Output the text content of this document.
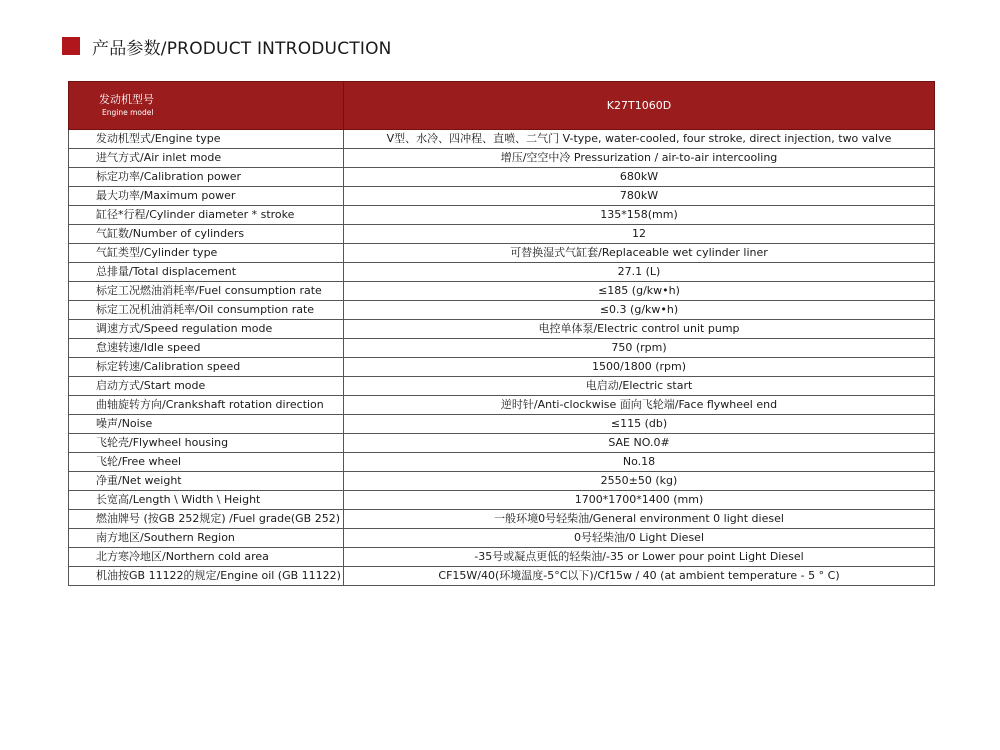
产品参数/PRODUCT INTRODUCTION
发动机型号
Engine model	K27T1060D
发动机型式/Engine type	V型、水冷、四冲程、直喷、二气门 V-type, water-cooled, four stroke, direct injection, two valve
进气方式/Air inlet mode	增压/空空中冷 Pressurization / air-to-air intercooling
标定功率/Calibration power	680kW
最大功率/Maximum power	780kW
缸径*行程/Cylinder diameter * stroke	135*158(mm)
气缸数/Number of cylinders	12
气缸类型/Cylinder type	可替换湿式气缸套/Replaceable wet cylinder liner
总排量/Total displacement	27.1 (L)
标定工况燃油消耗率/Fuel consumption rate	≤185 (g/kw•h)
标定工况机油消耗率/Oil consumption rate	≤0.3 (g/kw•h)
调速方式/Speed regulation mode	电控单体泵/Electric control unit pump
怠速转速/Idle speed	750 (rpm)
标定转速/Calibration speed	1500/1800 (rpm)
启动方式/Start mode	电启动/Electric start
曲轴旋转方向/Crankshaft rotation direction	逆时针/Anti-clockwise 面向飞轮端/Face flywheel end
噪声/Noise	≤115 (db)
飞轮壳/Flywheel housing	SAE NO.0#
飞轮/Free wheel	No.18
净重/Net weight	2550±50 (kg)
长宽高/Length \ Width \ Height	1700*1700*1400 (mm)
燃油牌号 (按GB 252规定) /Fuel grade(GB 252)	一般环境0号轻柴油/General environment 0 light diesel
南方地区/Southern Region	0号轻柴油/0 Light Diesel
北方寒冷地区/Northern cold area	-35号或凝点更低的轻柴油/-35 or Lower pour point Light Diesel
机油按GB 11122的规定/Engine oil (GB 11122)	CF15W/40(环境温度-5°C以下)/Cf15w / 40 (at ambient temperature - 5 ° C)
